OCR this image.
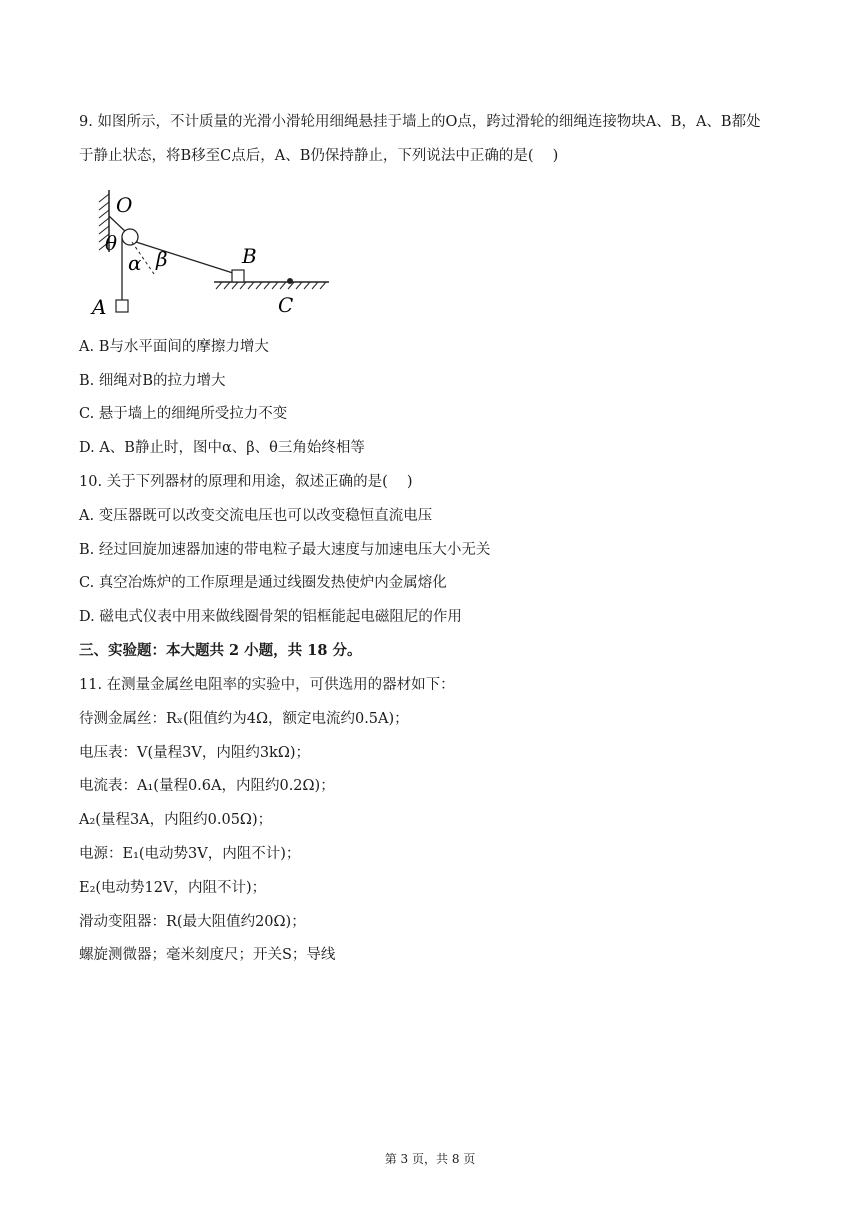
9. 如图所示，不计质量的光滑小滑轮用细绳悬挂于墙上的O点，跨过滑轮的细绳连接物块A、B，A、B都处
于静止状态，将B移至C点后，A、B仍保持静止，下列说法中正确的是(　 )
O
θ
α β	B
A	C
A. B与水平面间的摩擦力增大
B. 细绳对B的拉力增大
C. 悬于墙上的细绳所受拉力不变
D. A、B静止时，图中α、β、θ三角始终相等
10. 关于下列器材的原理和用途，叙述正确的是(　 )
A. 变压器既可以改变交流电压也可以改变稳恒直流电压
B. 经过回旋加速器加速的带电粒子最大速度与加速电压大小无关
C. 真空冶炼炉的工作原理是通过线圈发热使炉内金属熔化
D. 磁电式仪表中用来做线圈骨架的铝框能起电磁阻尼的作用
三、实验题：本大题共 2 小题，共 18 分。
11. 在测量金属丝电阻率的实验中，可供选用的器材如下：
待测金属丝：Rₓ(阻值约为4Ω，额定电流约0.5A)；
电压表：V(量程3V，内阻约3kΩ)；
电流表：A₁(量程0.6A，内阻约0.2Ω)；
A₂(量程3A，内阻约0.05Ω)；
电源：E₁(电动势3V，内阻不计)；
E₂(电动势12V，内阻不计)；
滑动变阻器：R(最大阻值约20Ω)；
螺旋测微器；毫米刻度尺；开关S；导线
第 3 页，共 8 页
